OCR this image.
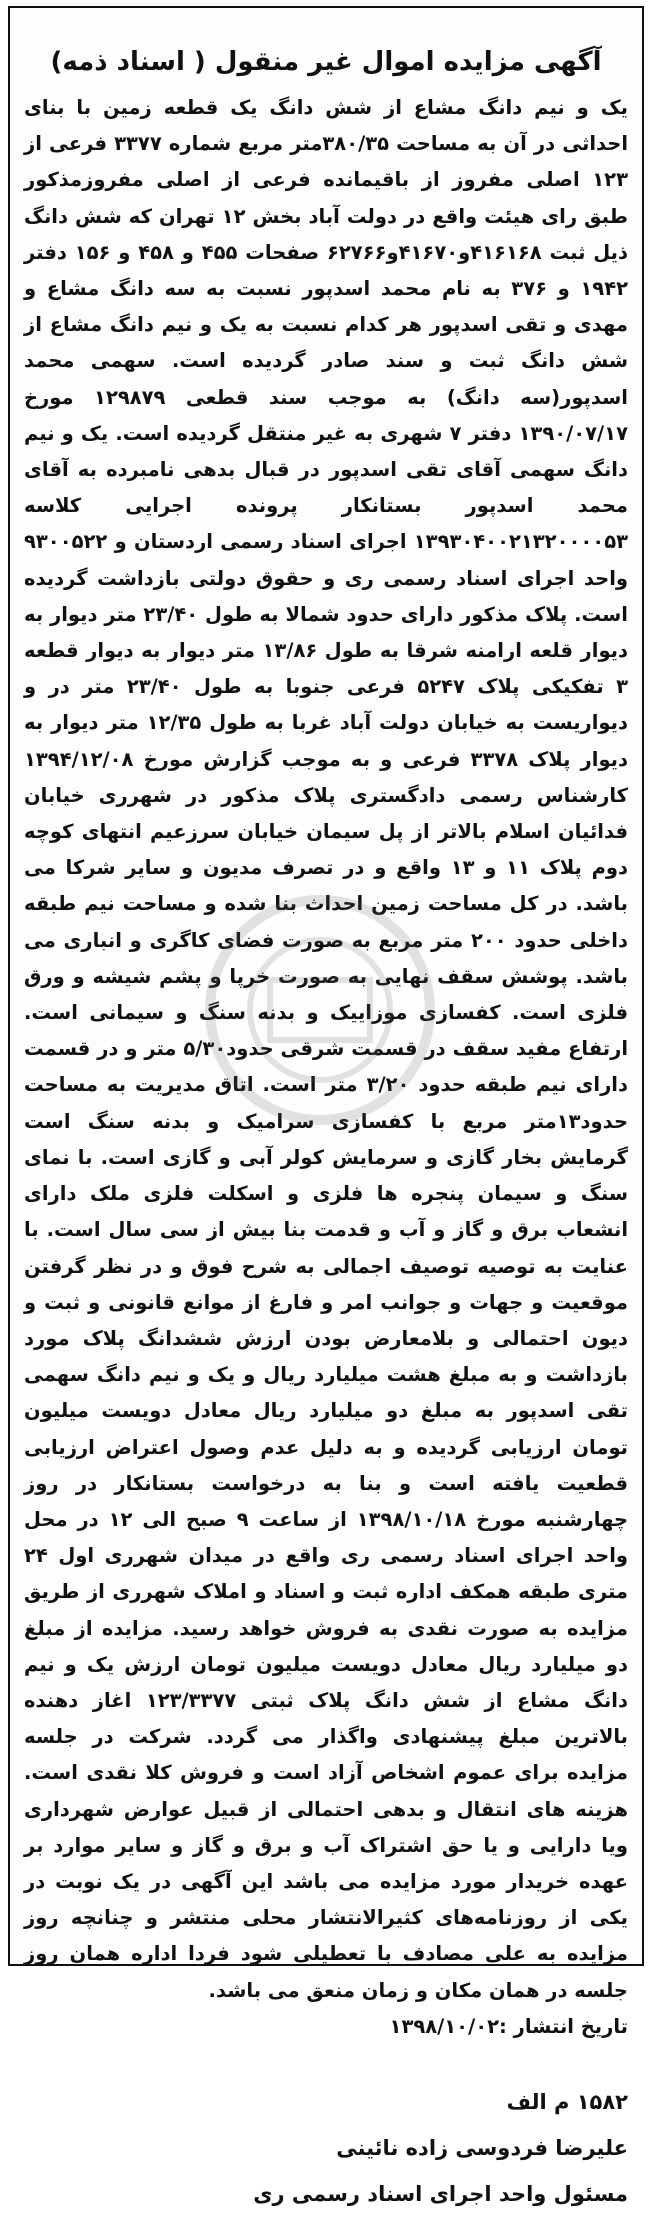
آگهی مزایده اموال غیر منقول ( اسناد ذمه)

یک و نیم دانگ مشاع از شش دانگ یک قطعه زمین با بنای احداثی در آن به مساحت ۳۸۰/۳۵متر مربع شماره ۳۳۷۷ فرعی از ۱۲۳ اصلی مفروز از باقیمانده فرعی از اصلی مفروزمذکور طبق رای هیئت واقع در دولت آباد بخش ۱۲ تهران که شش دانگ ذیل ثبت ۴۱۶۱۶۸و۴۱۶۷۰و۶۲۷۶۶ صفحات ۴۵۵ و ۴۵۸ و ۱۵۶ دفتر ۱۹۴۲ و ۳۷۶ به نام محمد اسدپور نسبت به سه دانگ مشاع و مهدی و تقی اسدپور هر کدام نسبت به یک و نیم دانگ مشاع از شش دانگ ثبت و سند صادر گردیده است. سهمی محمد اسدپور(سه دانگ) به موجب سند قطعی ۱۲۹۸۷۹ مورخ ۱۳۹۰/۰۷/۱۷ دفتر ۷ شهری به غیر منتقل گردیده است. یک و نیم دانگ سهمی آقای تقی اسدپور در قبال بدهی نامبرده به آقای محمد اسدپور بستانکار پرونده اجرایی کلاسه ۱۳۹۳۰۴۰۰۲۱۳۲۰۰۰۰۵۳ اجرای اسناد رسمی اردستان و ۹۳۰۰۵۲۲ واحد اجرای اسناد رسمی ری و حقوق دولتی بازداشت گردیده است. پلاک مذکور دارای حدود شمالا به طول ۲۳/۴۰ متر دیوار به دیوار قلعه ارامنه شرقا به طول ۱۳/۸۶ متر دیوار به دیوار قطعه ۳ تفکیکی پلاک ۵۲۴۷ فرعی جنوبا به طول ۲۳/۴۰ متر در و دیواریست به خیابان دولت آباد غربا به طول ۱۲/۳۵ متر دیوار به دیوار پلاک ۳۳۷۸ فرعی و به موجب گزارش مورخ ۱۳۹۴/۱۲/۰۸ کارشناس رسمی دادگستری پلاک مذکور در شهرری خیابان فدائیان اسلام بالاتر از پل سیمان خیابان سرزعیم انتهای کوچه دوم پلاک ۱۱ و ۱۳ واقع و در تصرف مدیون و سایر شرکا می باشد. در کل مساحت زمین احداث بنا شده و مساحت نیم طبقه داخلی حدود ۲۰۰ متر مربع به صورت فضای کاگری و انباری می باشد. پوشش سقف نهایی به صورت خرپا و پشم شیشه و ورق فلزی است. کفسازی موزاییک و بدنه سنگ و سیمانی است. ارتفاع مفید سقف در قسمت شرقی حدود۵/۳۰ متر و در قسمت دارای نیم طبقه حدود ۳/۲۰ متر است. اتاق مدیریت به مساحت حدود۱۳متر مربع با کفسازی سرامیک و بدنه سنگ است گرمایش بخار گازی و سرمایش کولر آبی و گازی است. با نمای سنگ و سیمان پنجره ها فلزی و اسکلت فلزی ملک دارای انشعاب برق و گاز و آب و قدمت بنا بیش از سی سال است. با عنایت به توصیه توصیف اجمالی به شرح فوق و در نظر گرفتن موقعیت و جهات و جوانب امر و فارغ از موانع قانونی و ثبت و دیون احتمالی و بلامعارض بودن ارزش ششدانگ پلاک مورد بازداشت و به مبلغ هشت میلیارد ریال و یک و نیم دانگ سهمی تقی اسدپور به مبلغ دو میلیارد ریال معادل دویست میلیون تومان ارزیابی گردیده و به دلیل عدم وصول اعتراض ارزیابی قطعیت یافته است و بنا به درخواست بستانکار در روز چهارشنبه مورخ ۱۳۹۸/۱۰/۱۸ از ساعت ۹ صبح الی ۱۲ در محل واحد اجرای اسناد رسمی ری واقع در میدان شهرری اول ۲۴ متری طبقه همکف اداره ثبت و اسناد و املاک شهرری از طریق مزایده به صورت نقدی به فروش خواهد رسید. مزایده از مبلغ دو میلیارد ریال معادل دویست میلیون تومان ارزش یک و نیم دانگ مشاع از شش دانگ پلاک ثبتی ۱۲۳/۳۳۷۷ اغاز دهنده بالاترین مبلغ پیشنهادی واگذار می گردد. شرکت در جلسه مزایده برای عموم اشخاص آزاد است و فروش کلا نقدی است. هزینه های انتقال و بدهی احتمالی از قبیل عوارض شهرداری ویا دارایی و یا حق اشتراک آب و برق و گاز و سایر موارد بر عهده خریدار مورد مزایده می باشد این آگهی در یک نوبت در یکی از روزنامه‌های کثیرالانتشار محلی منتشر و چنانچه روز مزایده به علی مصادف با تعطیلی شود فردا اداره همان روز جلسه در همان مکان و زمان منعق می باشد.

تاریخ انتشار :۱۳۹۸/۱۰/۰۲

۱۵۸۲ م الف
علیرضا فردوسی زاده نائینی
مسئول واحد اجرای اسناد رسمی ری
